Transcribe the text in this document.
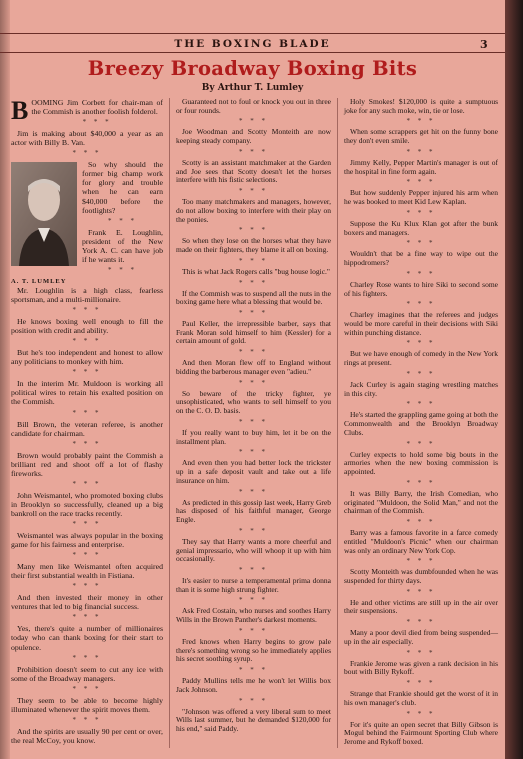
THE BOXING BLADE	3
Breezy Broadway Boxing Bits
By Arthur T. Lumley

BOOMING Jim Corbett for chair-man of the Commish is another foolish folderol.

* * *

Jim is making about $40,000 a year as an actor with Billy B. Van.

* * *

So why should the former big champ work for glory and trouble when he can earn $40,000 before the footlights?

* * *

Frank E. Loughlin, president of the New York A. C. can have job if he wants it.

* * *
A. T. LUMLEY

Mr. Loughlin is a high class, fearless sportsman, and a multi-millionaire.

* * *

He knows boxing well enough to fill the position with credit and ability.

* * *

But he's too independent and honest to allow any politicians to monkey with him.

* * *

In the interim Mr. Muldoon is working all political wires to retain his exalted position on the Commish.

* * *

Bill Brown, the veteran referee, is another candidate for chairman.

* * *

Brown would probably paint the Commish a brilliant red and shoot off a lot of flashy fireworks.

* * *

John Weismantel, who promoted boxing clubs in Brooklyn so successfully, cleaned up a big bankroll on the race tracks recently.

* * *

Weismantel was always popular in the boxing game for his fairness and enterprise.

* * *

Many men like Weismantel often acquired their first substantial wealth in Fistiana.

* * *

And then invested their money in other ventures that led to big financial success.

* * *

Yes, there's quite a number of millionaires today who can thank boxing for their start to opulence.

* * *

Prohibition doesn't seem to cut any ice with some of the Broadway managers.

* * *

They seem to be able to become highly illuminated whenever the spirit moves them.

* * *

And the spirits are usually 90 per cent or over, the real McCoy, you know.

Guaranteed not to foul or knock you out in three or four rounds.

* * *

Joe Woodman and Scotty Monteith are now keeping steady company.

* * *

Scotty is an assistant matchmaker at the Garden and Joe sees that Scotty doesn't let the horses interfere with his fistic selections.

* * *

Too many matchmakers and managers, however, do not allow boxing to interfere with their play on the ponies.

* * *

So when they lose on the horses what they have made on their fighters, they blame it all on boxing.

* * *

This is what Jack Rogers calls "bug house logic."

* * *

If the Commish was to suspend all the nuts in the boxing game here what a blessing that would be.

* * *

Paul Keller, the irrepressible barber, says that Frank Moran sold himself to him (Kessler) for a certain amount of gold.

* * *

And then Moran flew off to England without bidding the barberous manager even "adieu."

* * *

So beware of the tricky fighter, ye unsophisticated, who wants to sell himself to you on the C. O. D. basis.

* * *

If you really want to buy him, let it be on the installment plan.

* * *

And even then you had better lock the trickster up in a safe deposit vault and take out a life insurance on him.

* * *

As predicted in this gossip last week, Harry Greb has disposed of his faithful manager, George Engle.

* * *

They say that Harry wants a more cheerful and genial impressario, who will whoop it up with him occasionally.

* * *

It's easier to nurse a temperamental prima donna than it is some high strung fighter.

* * *

Ask Fred Costain, who nurses and soothes Harry Wills in the Brown Panther's darkest moments.

* * *

Fred knows when Harry begins to grow pale there's something wrong so he immediately applies his secret soothing syrup.

* * *

Paddy Mullins tells me he won't let Willis box Jack Johnson.

* * *

"Johnson was offered a very liberal sum to meet Wills last summer, but he demanded $120,000 for his end," said Paddy.

Holy Smokes! $120,000 is quite a sumptuous joke for any such moke, win, tie or lose.

* * *

When some scrappers get hit on the funny bone they don't even smile.

* * *

Jimmy Kelly, Pepper Martin's manager is out of the hospital in fine form again.

* * *

But how suddenly Pepper injured his arm when he was booked to meet Kid Lew Kaplan.

* * *

Suppose the Ku Klux Klan got after the bunk boxers and managers.

* * *

Wouldn't that be a fine way to wipe out the hippodromers?

* * *

Charley Rose wants to hire Siki to second some of his fighters.

* * *

Charley imagines that the referees and judges would be more careful in their decisions with Siki within punching distance.

* * *

But we have enough of comedy in the New York rings at present.

* * *

Jack Curley is again staging wrestling matches in this city.

* * *

He's started the grappling game going at both the Commonwealth and the Brooklyn Broadway Clubs.

* * *

Curley expects to hold some big bouts in the armories when the new boxing commission is appointed.

* * *

It was Billy Barry, the Irish Comedian, who originated "Muldoon, the Solid Man," and not the chairman of the Commish.

* * *

Barry was a famous favorite in a farce comedy entitled "Muldoon's Picnic" when our chairman was only an ordinary New York Cop.

* * *

Scotty Monteith was dumbfounded when he was suspended for thirty days.

* * *

He and other victims are still up in the air over their suspensions.

* * *

Many a poor devil died from being suspended—up in the air especially.

* * *

Frankie Jerome was given a rank decision in his bout with Billy Rykoff.

* * *

Strange that Frankie should get the worst of it in his own manager's club.

* * *

For it's quite an open secret that Billy Gibson is Mogul behind the Fairmount Sporting Club where Jerome and Rykoff boxed.
